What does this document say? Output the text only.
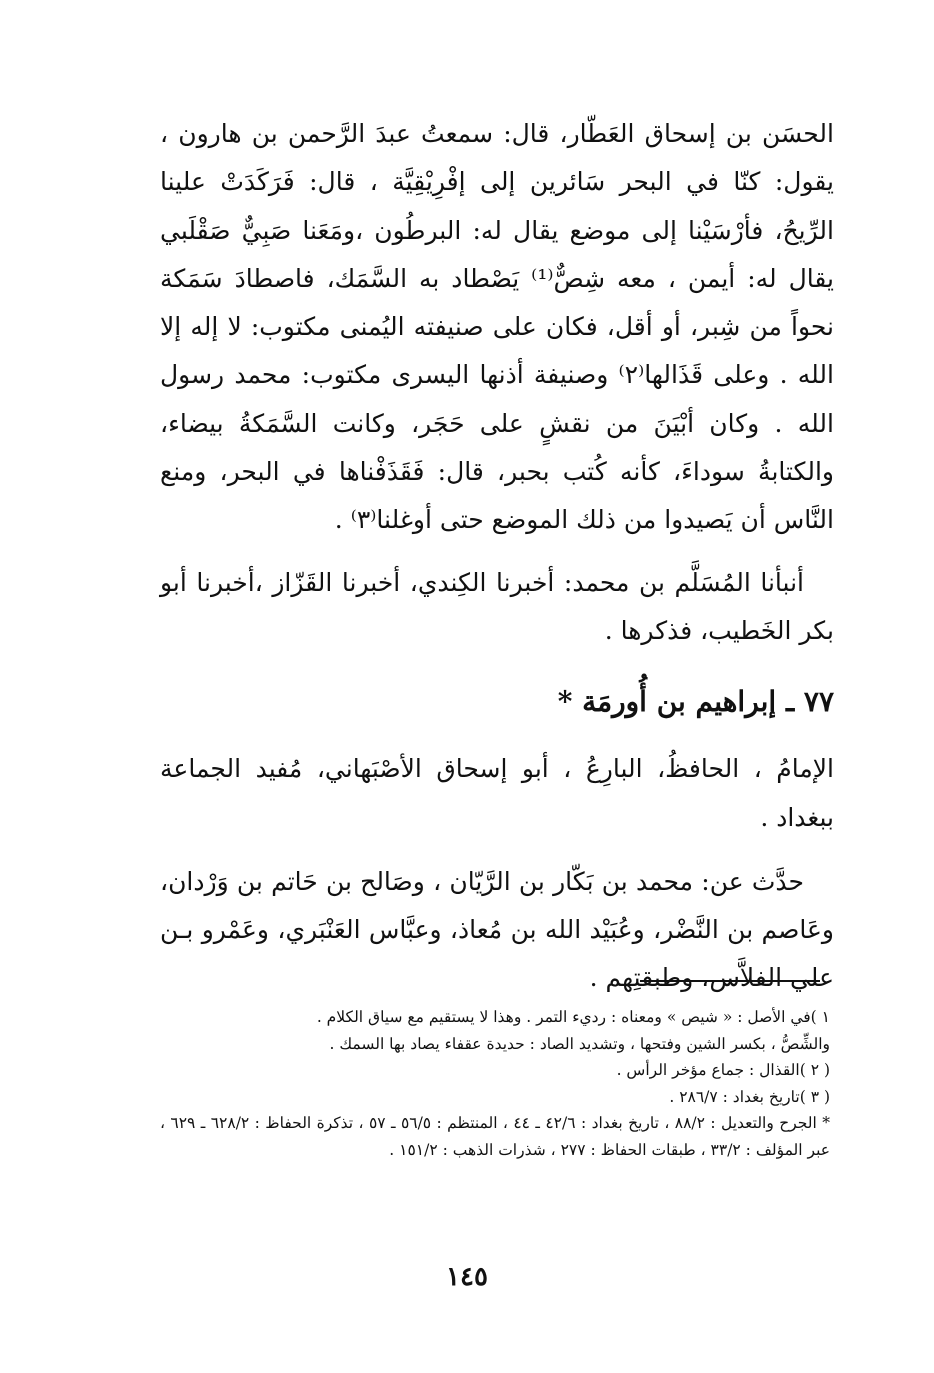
الحسَن بن إسحاق العَطّار، قال: سمعتُ عبدَ الرَّحمن بن هارون ، يقول: كنّا في البحر سَائرين إلى إفْرِيْقِيَّة ، قال: فَرَكَدَتْ علينا الرِّيحُ، فأرْسَيْنا إلى موضع يقال له: البرطُون ،ومَعَنا صَبِيٌّ صَقْلَبي يقال له: أيمن ، معه شِصٌّ⁽¹⁾ يَصْطاد به السَّمَك، فاصطادَ سَمَكة نحواً من شِبر، أو أقل، فكان على صنيفته اليُمنى مكتوب: لا إله إلا الله . وعلى قَذَالها⁽٢⁾ وصنيفة أذنها اليسرى مكتوب: محمد رسول الله . وكان أبْيَنَ من نقشٍ على حَجَر، وكانت السَّمَكةُ بيضاء، والكتابةُ سوداءَ، كأنه كُتب بحبر، قال: فَقَذَفْناها في البحر، ومنع النَّاس أن يَصيدوا من ذلك الموضع حتى أوغلنا⁽٣⁾ .

أنبأنا المُسَلَّم بن محمد: أخبرنا الكِندي، أخبرنا القَزّاز ،أخبرنا أبو بكر الخَطيب، فذكرها .

٧٧ ـ إبراهيم بن أُورمَة *

الإمامُ ، الحافظُ، البارِعُ ، أبو إسحاق الأصْبَهاني، مُفيد الجماعة ببغداد .

حدَّث عن: محمد بن بَكّار بن الرَّيّان ، وصَالح بن حَاتم بن وَرْدان، وعَاصم بن النَّضْر، وعُبَيْد الله بن مُعاذ، وعبَّاس العَنْبَري، وعَمْرو بـن علي الفلاَّس، وطبقتِهم .

١ )في الأصل : « شيص » ومعناه : رديء التمر . وهذا لا يستقيم مع سياق الكلام .

والشِّصُّ ، بكسر الشين وفتحها ، وتشديد الصاد : حديدة عقفاء يصاد بها السمك .

( ٢ )القذال : جماع مؤخر الرأس .

( ٣ )تاريخ بغداد : ٢٨٦/٧ .

* الجرح والتعديل : ٨٨/٢ ، تاريخ بغداد : ٤٢/٦ ـ ٤٤ ، المنتظم : ٥٦/٥ ـ ٥٧ ، تذكرة الحفاظ : ٦٢٨/٢ ـ ٦٢٩ ، عبر المؤلف : ٣٣/٢ ، طبقات الحفاظ : ٢٧٧ ، شذرات الذهب : ١٥١/٢ .

١٤٥
